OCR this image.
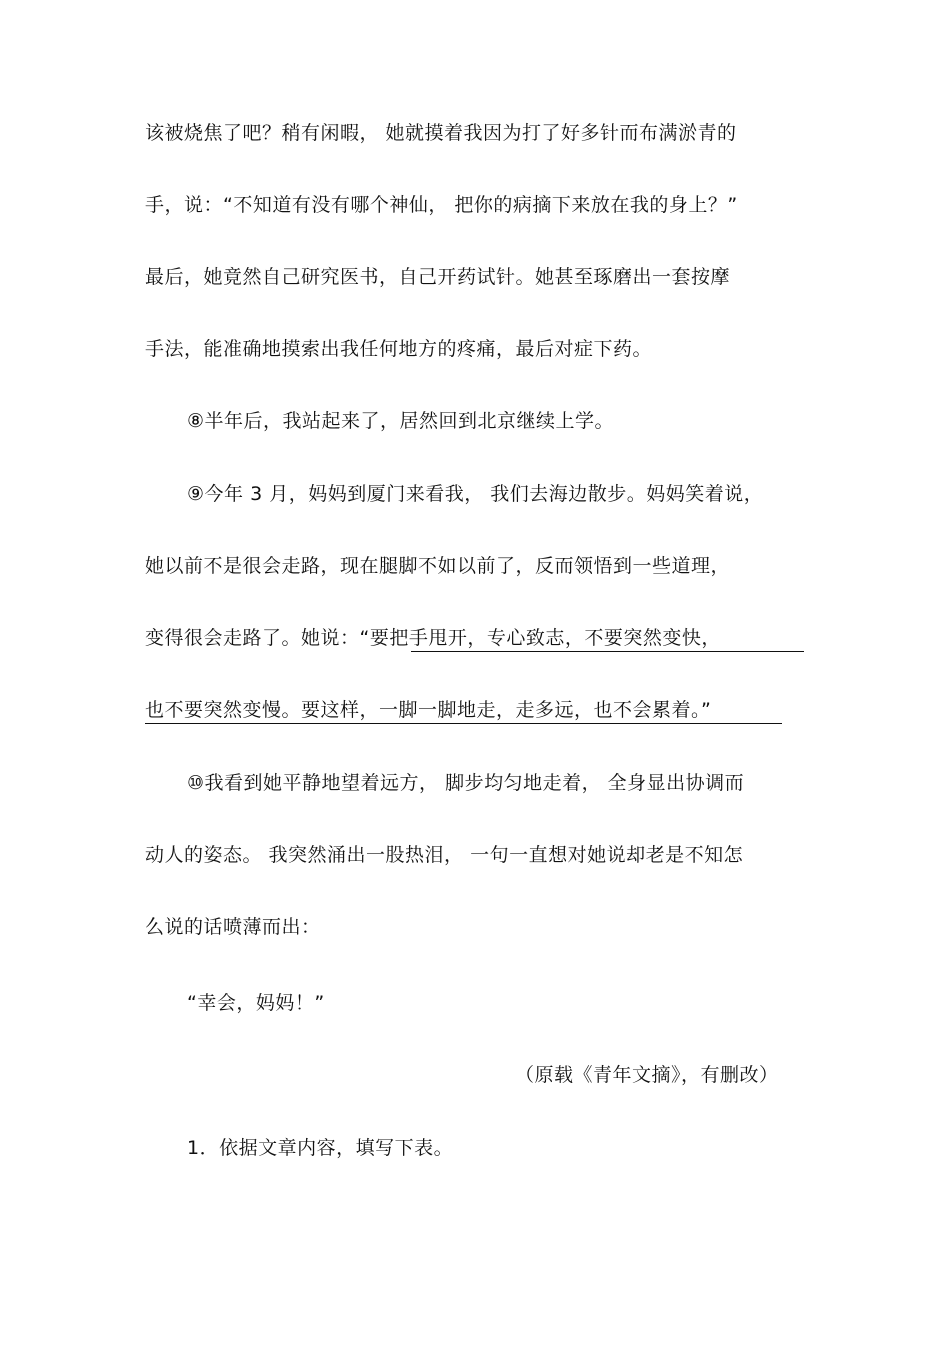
该被烧焦了吧？稍有闲暇， 她就摸着我因为打了好多针而布满淤青的
手，说：“不知道有没有哪个神仙， 把你的病摘下来放在我的身上？”
最后，她竟然自己研究医书，自己开药试针。她甚至琢磨出一套按摩
手法，能准确地摸索出我任何地方的疼痛，最后对症下药。
⑧半年后，我站起来了，居然回到北京继续上学。
⑨今年 3 月，妈妈到厦门来看我， 我们去海边散步。妈妈笑着说，
她以前不是很会走路，现在腿脚不如以前了，反而领悟到一些道理，
变得很会走路了。她说：“要把手甩开，专心致志，不要突然变快，
也不要突然变慢。要这样，一脚一脚地走，走多远，也不会累着。”
⑩我看到她平静地望着远方， 脚步均匀地走着， 全身显出协调而
动人的姿态。 我突然涌出一股热泪， 一句一直想对她说却老是不知怎
么说的话喷薄而出：
“幸会，妈妈！”
（原载《青年文摘》，有删改）
1．依据文章内容，填写下表。
